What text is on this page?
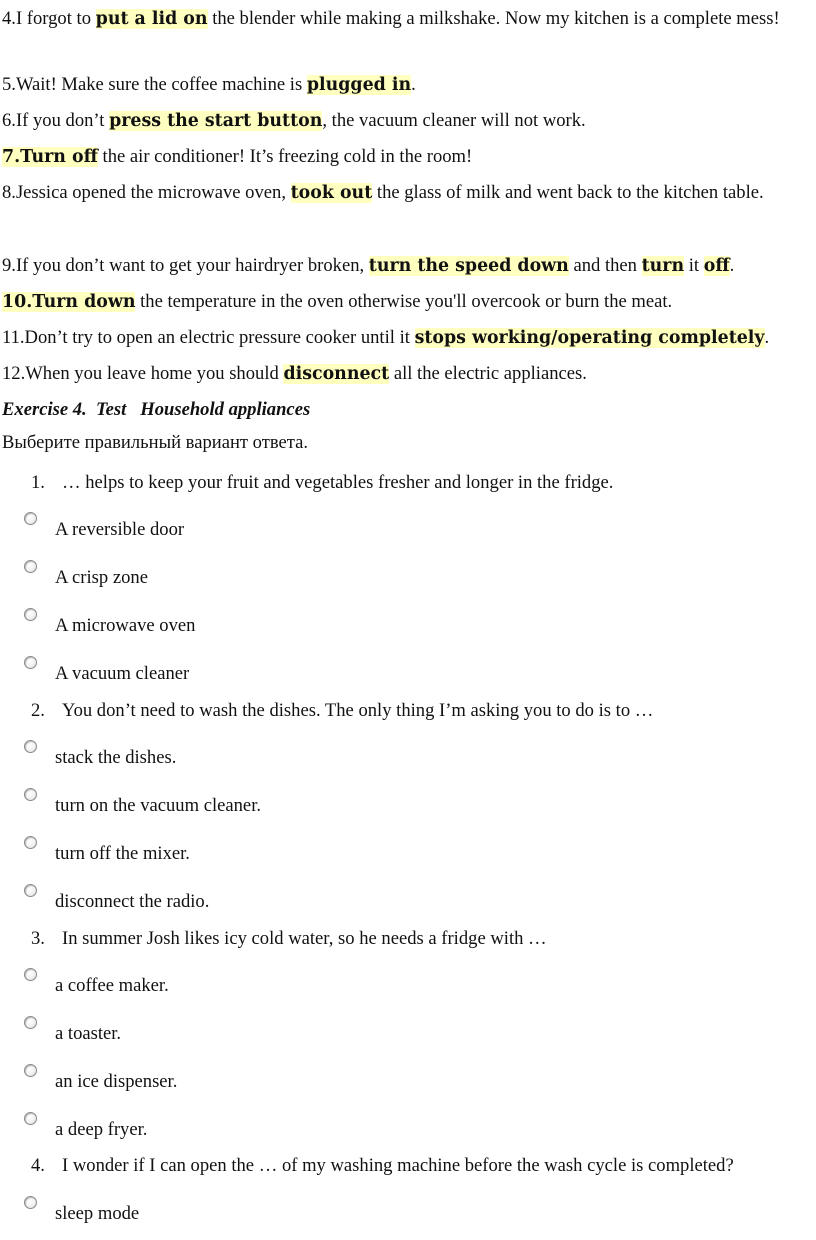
4.I forgot to put a lid on the blender while making a milkshake. Now my kitchen is a complete mess!

5.Wait! Make sure the coffee machine is plugged in.

6.If you don’t press the start button, the vacuum cleaner will not work.

7.Turn off the air conditioner! It’s freezing cold in the room!

8.Jessica opened the microwave oven, took out the glass of milk and went back to the kitchen table.

9.If you don’t want to get your hairdryer broken, turn the speed down and then turn it off.

10.Turn down the temperature in the oven otherwise you'll overcook or burn the meat.

11.Don’t try to open an electric pressure cooker until it stops working/operating completely.

12.When you leave home you should disconnect all the electric appliances.

Exercise 4.  Test   Household appliances

Выберите правильный вариант ответа.

1. … helps to keep your fruit and vegetables fresher and longer in the fridge.
A reversible door
A crisp zone
A microwave oven
A vacuum cleaner
2. You don’t need to wash the dishes. The only thing I’m asking you to do is to …
stack the dishes.
turn on the vacuum cleaner.
turn off the mixer.
disconnect the radio.
3. In summer Josh likes icy cold water, so he needs a fridge with …
a coffee maker.
a toaster.
an ice dispenser.
a deep fryer.
4. I wonder if I can open the … of my washing machine before the wash cycle is completed?
sleep mode
